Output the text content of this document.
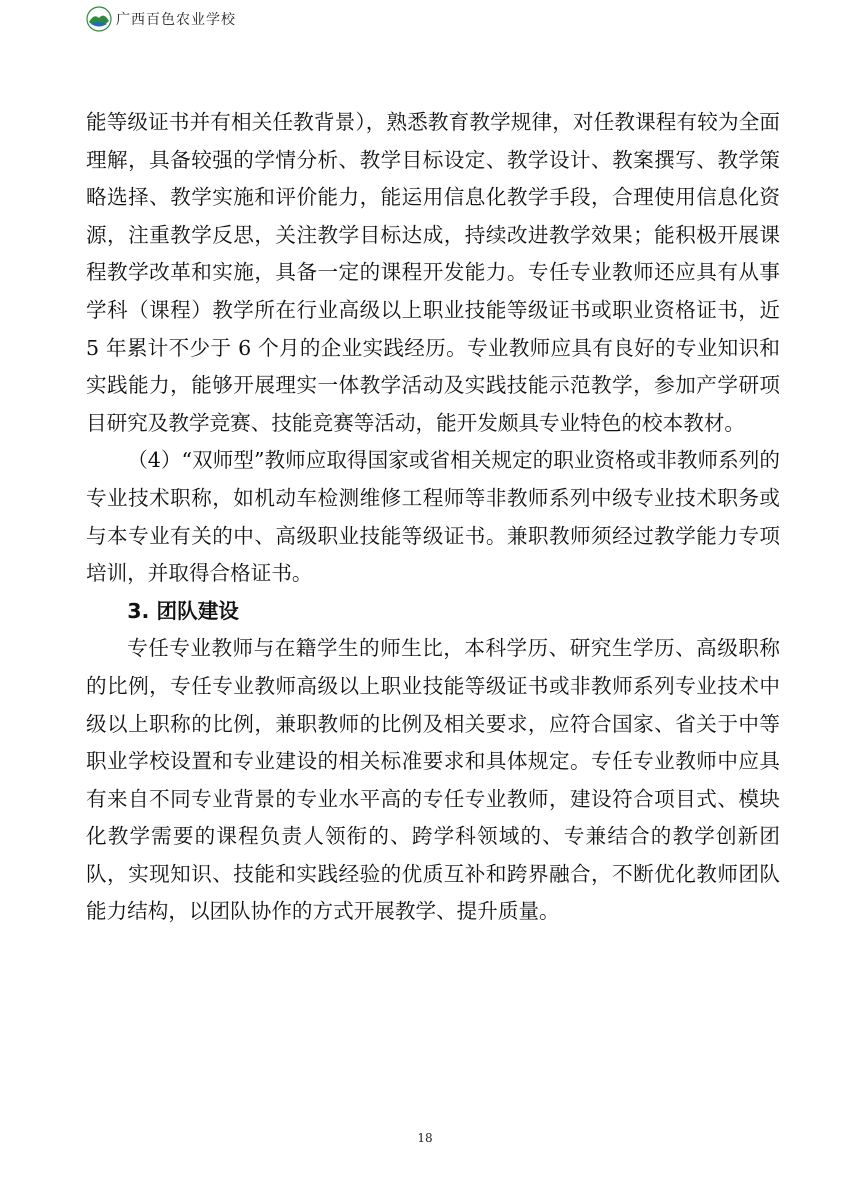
广西百色农业学校

能等级证书并有相关任教背景），熟悉教育教学规律，对任教课程有较为全面理解，具备较强的学情分析、教学目标设定、教学设计、教案撰写、教学策略选择、教学实施和评价能力，能运用信息化教学手段，合理使用信息化资源，注重教学反思，关注教学目标达成，持续改进教学效果；能积极开展课程教学改革和实施，具备一定的课程开发能力。专任专业教师还应具有从事学科（课程）教学所在行业高级以上职业技能等级证书或职业资格证书，近 5 年累计不少于 6 个月的企业实践经历。专业教师应具有良好的专业知识和实践能力，能够开展理实一体教学活动及实践技能示范教学，参加产学研项目研究及教学竞赛、技能竞赛等活动，能开发颇具专业特色的校本教材。

（4）“双师型”教师应取得国家或省相关规定的职业资格或非教师系列的专业技术职称，如机动车检测维修工程师等非教师系列中级专业技术职务或与本专业有关的中、高级职业技能等级证书。兼职教师须经过教学能力专项培训，并取得合格证书。

3. 团队建设

专任专业教师与在籍学生的师生比，本科学历、研究生学历、高级职称的比例，专任专业教师高级以上职业技能等级证书或非教师系列专业技术中级以上职称的比例，兼职教师的比例及相关要求，应符合国家、省关于中等职业学校设置和专业建设的相关标准要求和具体规定。专任专业教师中应具有来自不同专业背景的专业水平高的专任专业教师，建设符合项目式、模块化教学需要的课程负责人领衔的、跨学科领域的、专兼结合的教学创新团队，实现知识、技能和实践经验的优质互补和跨界融合，不断优化教师团队能力结构，以团队协作的方式开展教学、提升质量。

18
